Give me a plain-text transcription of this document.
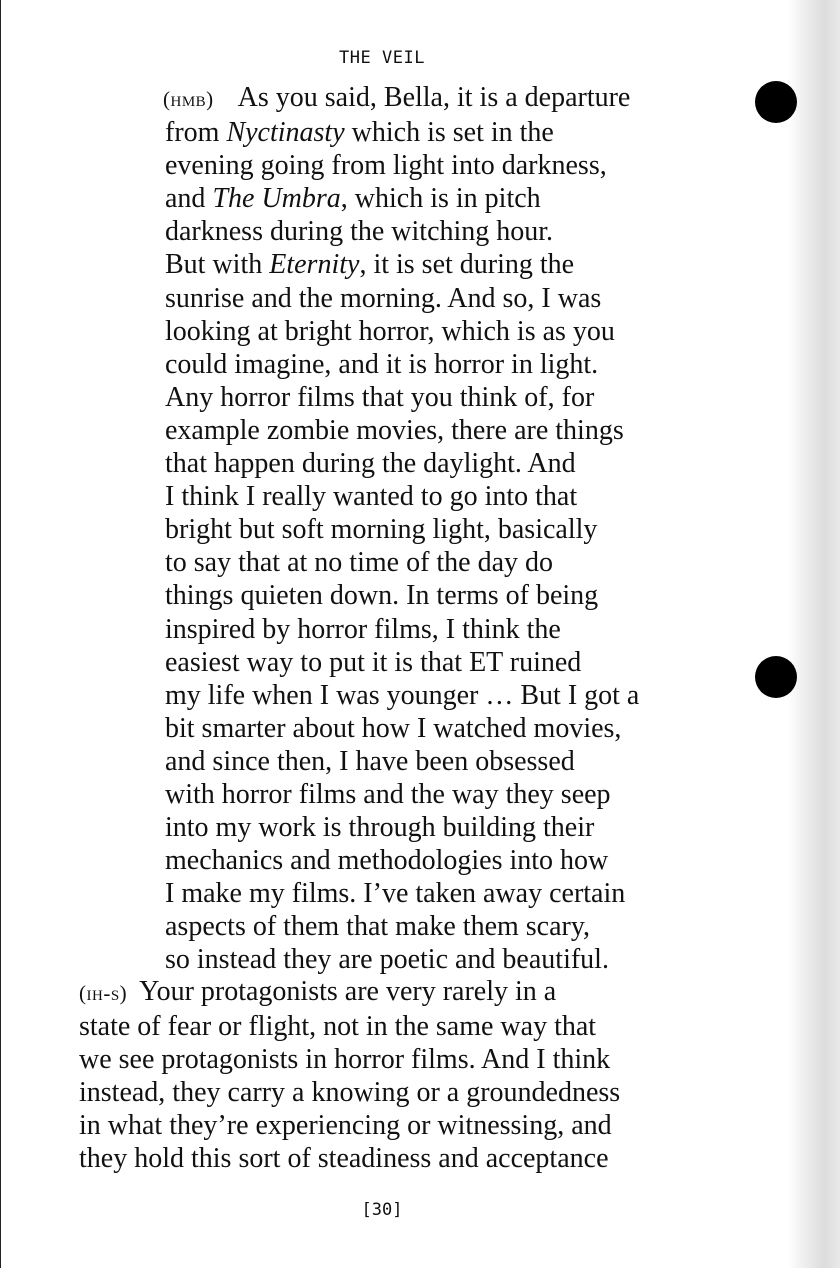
THE VEIL
(hmb) As you said, Bella, it is a departure
from Nyctinasty which is set in the
evening going from light into darkness,
and The Umbra, which is in pitch
darkness during the witching hour.
But with Eternity, it is set during the
sunrise and the morning. And so, I was
looking at bright horror, which is as you
could imagine, and it is horror in light.
Any horror films that you think of, for
example zombie movies, there are things
that happen during the daylight. And
I think I really wanted to go into that
bright but soft morning light, basically
to say that at no time of the day do
things quieten down. In terms of being
inspired by horror films, I think the
easiest way to put it is that ET ruined
my life when I was younger … But I got a
bit smarter about how I watched movies,
and since then, I have been obsessed
with horror films and the way they seep
into my work is through building their
mechanics and methodologies into how
I make my films. I’ve taken away certain
aspects of them that make them scary,
so instead they are poetic and beautiful.
(ih-s) Your protagonists are very rarely in a
state of fear or flight, not in the same way that
we see protagonists in horror films. And I think
instead, they carry a knowing or a groundedness
in what they’re experiencing or witnessing, and
they hold this sort of steadiness and acceptance
[30]
